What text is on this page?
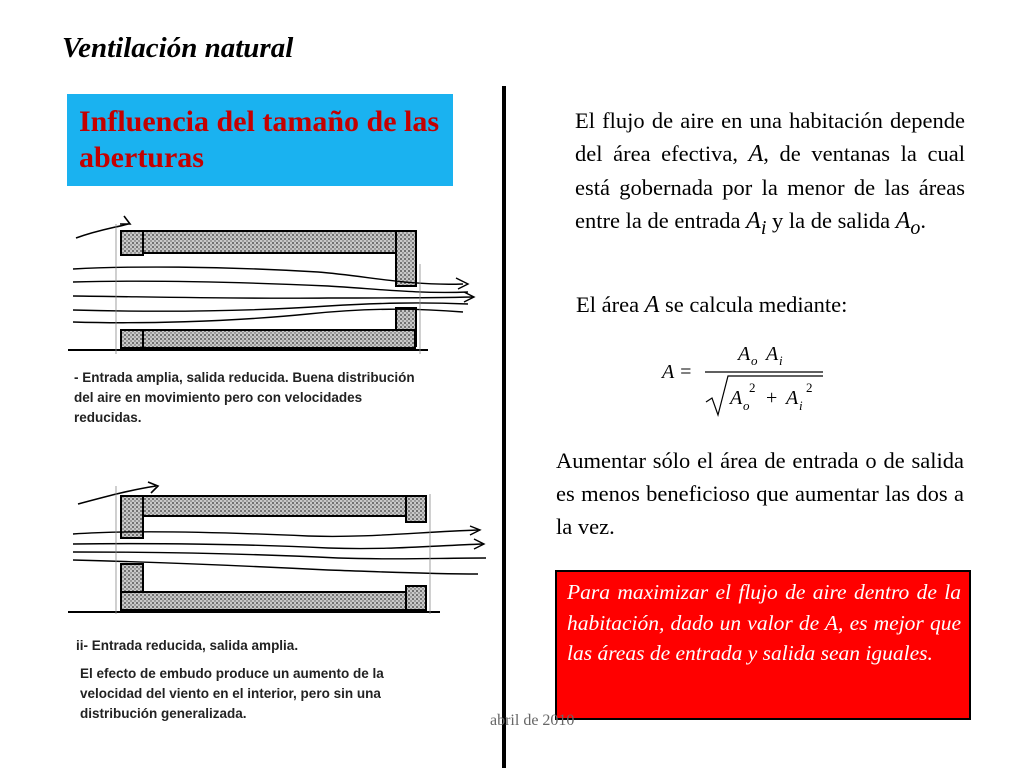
Ventilación natural
Influencia del tamaño de las aberturas
- Entrada amplia, salida reducida. Buena distribución
del aire en movimiento pero con velocidades
reducidas.
ii- Entrada reducida, salida amplia.
El efecto de embudo produce un aumento de la
velocidad del viento en el interior, pero sin una
distribución generalizada.

El flujo de aire en una habitación depende del área efectiva, A, de ventanas la cual está gobernada por la menor de las áreas entre la de entrada $A_i$ y la de salida $A_o$.

El área A se calcula mediante:

A =
A o A i
A o
2 + A i
2

Aumentar sólo el área de entrada o de salida es menos beneficioso que aumentar las dos a la vez.

Para maximizar el flujo de aire dentro de la habitación, dado un valor de A, es mejor que las áreas de entrada y salida sean iguales.
abril de 2010
